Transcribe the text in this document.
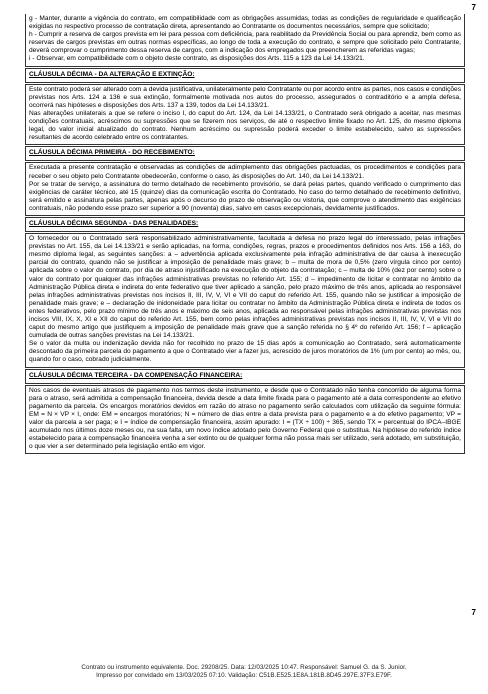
7

g - Manter, durante a vigência do contrato, em compatibilidade com as obrigações assumidas, todas as condições de regularidade e qualificação exigidas no respectivo processo de contratação direta, apresentando ao Contratante os documentos necessários, sempre que solicitado;

h - Cumprir a reserva de cargos prevista em lei para pessoa com deficiência, para reabilitado da Previdência Social ou para aprendiz, bem como as reservas de cargos previstas em outras normas específicas, ao longo de toda a execução do contrato, e sempre que solicitado pelo Contratante, deverá comprovar o cumprimento dessa reserva de cargos, com a indicação dos empregados que preencherem as referidas vagas;

i - Observar, em compatibilidade com o objeto deste contrato, as disposições dos Arts. 115 a 123 da Lei 14.133/21.

CLÁUSULA DÉCIMA - DA ALTERAÇÃO E EXTINÇÃO:

Este contrato poderá ser alterado com a devida justificativa, unilateralmente pelo Contratante ou por acordo entre as partes, nos casos e condições previstas nos Arts. 124 a 136 e sua extinção, formalmente motivada nos autos do processo, assegurados o contraditório e a ampla defesa, ocorrerá nas hipóteses e disposições dos Arts. 137 a 139, todos da Lei 14.133/21.

Nas alterações unilaterais a que se refere o inciso I, do caput do Art. 124, da Lei 14.133/21, o Contratado será obrigado a aceitar, nas mesmas condições contratuais, acréscimos ou supressões que se fizerem nos serviços, de até o respectivo limite fixado no Art. 125, do mesmo diploma legal, do valor inicial atualizado do contrato. Nenhum acréscimo ou supressão poderá exceder o limite estabelecido, salvo as supressões resultantes de acordo celebrado entre os contratantes.

CLÁUSULA DÉCIMA PRIMEIRA - DO RECEBIMENTO:

Executada a presente contratação e observadas as condições de adimplemento das obrigações pactuadas, os procedimentos e condições para receber o seu objeto pelo Contratante obedecerão, conforme o caso, às disposições do Art. 140, da Lei 14.133/21.

Por se tratar de serviço, a assinatura do termo detalhado de recebimento provisório, se dará pelas partes, quando verificado o cumprimento das exigências de caráter técnico, até 15 (quinze) dias da comunicação escrita do Contratado. No caso do termo detalhado de recebimento definitivo, será emitido e assinatura pelas partes, apenas após o decurso do prazo de observação ou vistoria, que comprove o atendimento das exigências contratuais, não podendo esse prazo ser superior a 90 (noventa) dias, salvo em casos excepcionais, devidamente justificados.

CLÁUSULA DÉCIMA SEGUNDA - DAS PENALIDADES:

O fornecedor ou o Contratado será responsabilizado administrativamente, facultada a defesa no prazo legal do interessado, pelas infrações previstas no Art. 155, da Lei 14.133/21 e serão aplicadas, na forma, condições, regras, prazos e procedimentos definidos nos Arts. 156 a 163, do mesmo diploma legal, as seguintes sanções: a – advertência aplicada exclusivamente pela infração administrativa de dar causa à inexecução parcial do contrato, quando não se justificar a imposição de penalidade mais grave; b – multa de mora de 0,5% (zero vírgula cinco por cento) aplicada sobre o valor do contrato, por dia de atraso injustificado na execução do objeto da contratação; c – multa de 10% (dez por cento) sobre o valor do contrato por qualquer das infrações administrativas previstas no referido Art. 155; d – impedimento de licitar e contratar no âmbito da Administração Pública direta e indireta do ente federativo que tiver aplicado a sanção, pelo prazo máximo de três anos, aplicada ao responsável pelas infrações administrativas previstas nos incisos II, III, IV, V, VI e VII do caput do referido Art. 155, quando não se justificar a imposição de penalidade mais grave; e – declaração de inidoneidade para licitar ou contratar no âmbito da Administração Pública direta e indireta de todos os entes federativos, pelo prazo mínimo de três anos e máximo de seis anos, aplicada ao responsável pelas infrações administrativas previstas nos incisos VIII, IX, X, XI e XII do caput do referido Art. 155, bem como pelas infrações administrativas previstas nos incisos II, III, IV, V, VI e VII do caput do mesmo artigo que justifiquem a imposição de penalidade mais grave que a sanção referida no § 4º do referido Art. 156; f – aplicação cumulada de outras sanções previstas na Lei 14.133/21.

Se o valor da multa ou indenização devida não for recolhido no prazo de 15 dias após a comunicação ao Contratado, será automaticamente descontado da primeira parcela do pagamento a que o Contratado vier a fazer jus, acrescido de juros moratórios de 1% (um por cento) ao mês, ou, quando for o caso, cobrado judicialmente.

CLÁUSULA DÉCIMA TERCEIRA - DA COMPENSAÇÃO FINANCEIRA:

Nos casos de eventuais atrasos de pagamento nos termos deste instrumento, e desde que o Contratado não tenha concorrido de alguma forma para o atraso, será admitida a compensação financeira, devida desde a data limite fixada para o pagamento até a data correspondente ao efetivo pagamento da parcela. Os encargos moratórios devidos em razão do atraso no pagamento serão calculados com utilização da seguinte fórmula: EM = N × VP × I, onde: EM = encargos moratórios; N = número de dias entre a data prevista para o pagamento e a do efetivo pagamento; VP = valor da parcela a ser paga; e I = índice de compensação financeira, assim apurado: I = (TX ÷ 100) ÷ 365, sendo TX = percentual do IPCA–IBGE acumulado nos últimos doze meses ou, na sua falta, um novo índice adotado pelo Governo Federal que o substitua. Na hipótese do referido índice estabelecido para a compensação financeira venha a ser extinto ou de qualquer forma não possa mais ser utilizado, será adotado, em substituição, o que vier a ser determinado pela legislação então em vigor.

7
Contrato ou instrumento equivalente. Doc. 29208/25. Data: 12/03/2025 10:47. Responsável: Samuel G. da S. Junior.
Impresso por convidado em 13/03/2025 07:10. Validação: C51B.E525.1E8A.181B.8D45.297E.37F3.E79F.
